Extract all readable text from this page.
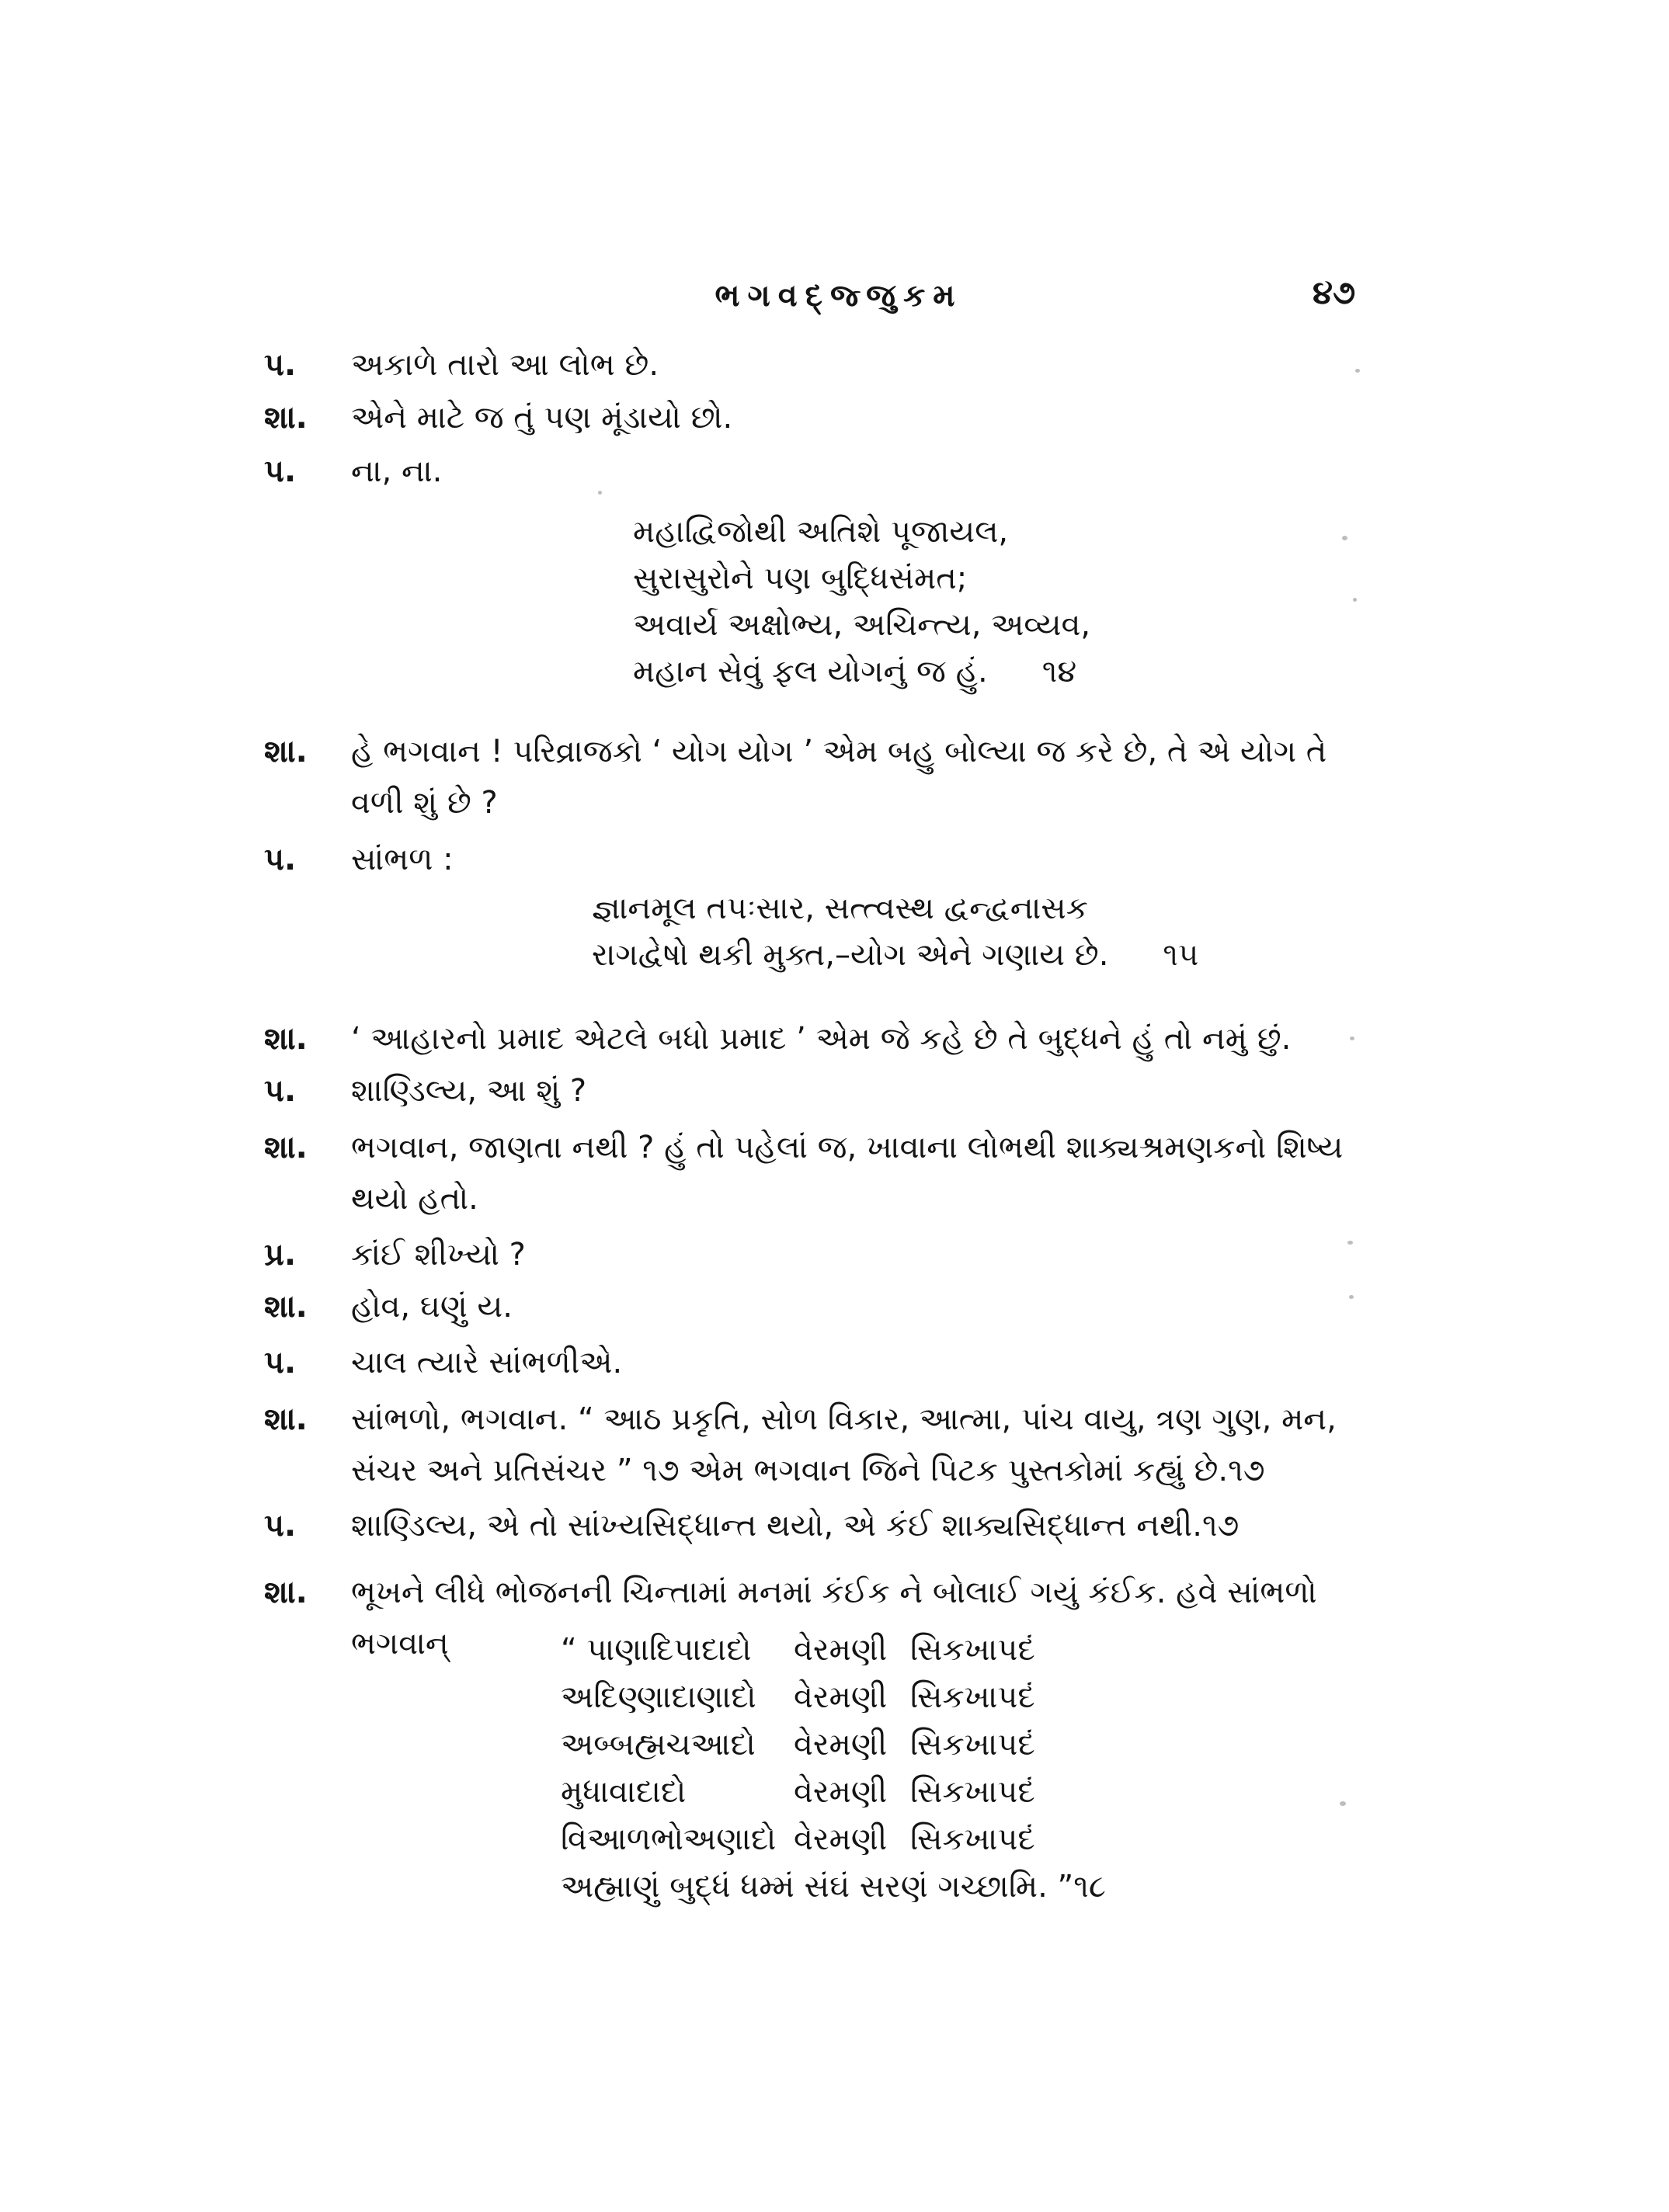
ભગવદ્જ્જુકમ	૪૭
પ.	અકાળે તારો આ લોભ છે.
શા.	એને માટે જ તું પણ મૂંડાયો છો.
પ.	ના, ના.
મહાદ્વિજોથી અતિશે પૂજાયલ,
સુરાસુરોને પણ બુદ્ધિસંમત;
અવાર્ય અક્ષોભ્ય, અચિન્ત્ય, અવ્યવ,
મહાન સેવું ફલ યોગનું જ હું. ૧૪
શા.	હે ભગવાન ! પરિવ્રાજકો ‘ યોગ યોગ ’ એમ બહુ બોલ્યા જ કરે છે, તે એ યોગ તે વળી શું છે ?
પ.	સાંભળ :
જ્ઞાનમૂલ તપઃસાર, સત્ત્વસ્થ દ્વન્દ્વનાસક
રાગદ્વેષો થકી મુક્ત,–યોગ એને ગણાય છે. ૧૫
શા.	‘ આહારનો પ્રમાદ એટલે બધો પ્રમાદ ’ એમ જે કહે છે તે બુદ્ધને હું તો નમું છું.
પ.	શાણ્ડિલ્ય, આ શું ?
શા.	ભગવાન, જાણતા નથી ? હું તો પહેલાં જ, ખાવાના લોભથી શાક્યશ્રમણકનો શિષ્ય થયો હતો.
પ્ર.	કાંઈ શીખ્યો ?
શા.	હોવ, ઘણું ય.
પ.	ચાલ ત્યારે સાંભળીએ.
શા.	સાંભળો, ભગવાન. “ આઠ પ્રકૃતિ, સોળ વિકાર, આત્મા, પાંચ વાયુ, ત્રણ ગુણ, મન, સંચર અને પ્રતિસંચર ” ૧૭ એમ ભગવાન જિને પિટક પુસ્તકોમાં કહ્યું છે.૧૭
પ.	શાણ્ડિલ્ય, એ તો સાંખ્યસિદ્ધાન્ત થયો, એ કંઈ શાક્યસિદ્ધાન્ત નથી.૧૭
શા.	ભૂખને લીધે ભોજનની ચિન્તામાં મનમાં કંઈક ને બોલાઈ ગયું કંઈક. હવે સાંભળો ભગવાન્	“ પાણાદિપાદાદો વેરમણી સિકખાપદં
અદિણ્ણાદાણાદો વેરમણી સિકખાપદં
અબ્બહ્મચઆદો વેરમણી સિકખાપદં
મુધાવાદાદો	વેરમણી સિકખાપદં
વિઆળભોઅણાદો વેરમણી સિકખાપદં
અહ્માણું બુદ્ધં ધમ્મં સંઘં સરણં ગચ્છામિ. ”૧૮
